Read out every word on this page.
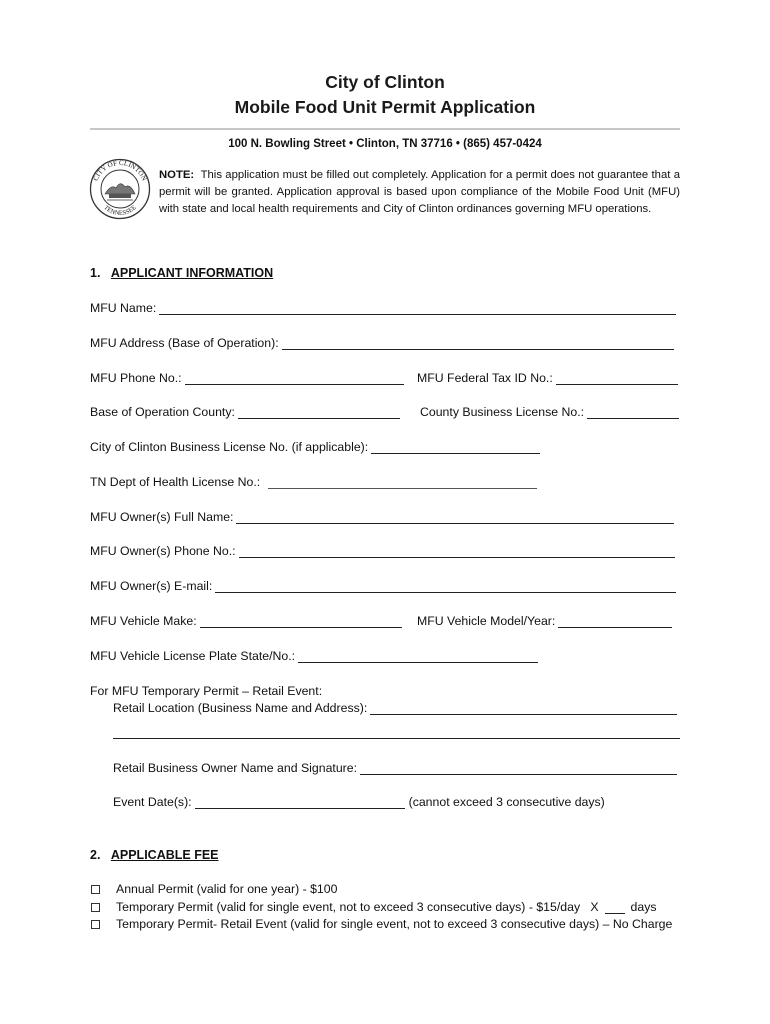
City of Clinton
Mobile Food Unit Permit Application
100 N. Bowling Street • Clinton, TN 37716 • (865) 457-0424
CITY OF CLINTON
TENNESSEE
NOTE: This application must be filled out completely. Application for a permit does not guarantee that a permit will be granted. Application approval is based upon compliance of the Mobile Food Unit (MFU) with state and local health requirements and City of Clinton ordinances governing MFU operations.
1. APPLICANT INFORMATION
MFU Name:
MFU Address (Base of Operation):
MFU Phone No.:	MFU Federal Tax ID No.:
Base of Operation County:	County Business License No.:
City of Clinton Business License No. (if applicable):
TN Dept of Health License No.:
MFU Owner(s) Full Name:
MFU Owner(s) Phone No.:
MFU Owner(s) E-mail:
MFU Vehicle Make:	MFU Vehicle Model/Year:
MFU Vehicle License Plate State/No.:
For MFU Temporary Permit – Retail Event:
Retail Location (Business Name and Address):
Retail Business Owner Name and Signature:
Event Date(s):	(cannot exceed 3 consecutive days)
2. APPLICABLE FEE
Annual Permit (valid for one year) - $100
Temporary Permit (valid for single event, not to exceed 3 consecutive days) - $15/day   X	days
Temporary Permit- Retail Event (valid for single event, not to exceed 3 consecutive days) – No Charge
